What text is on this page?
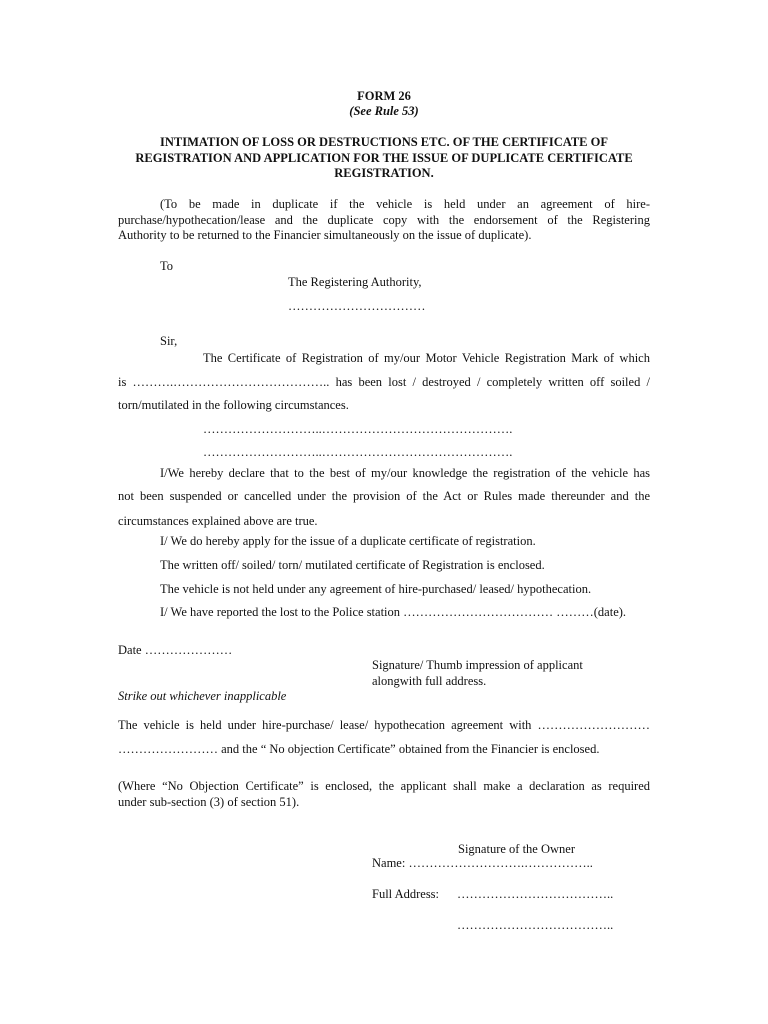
FORM 26
(See Rule 53)
INTIMATION OF LOSS OR DESTRUCTIONS ETC. OF THE CERTIFICATE OF
REGISTRATION AND APPLICATION FOR THE ISSUE OF DUPLICATE CERTIFICATE
REGISTRATION.
(To be made in duplicate if the vehicle is held under an agreement of hire-
purchase/hypothecation/lease and the duplicate copy with the endorsement of the Registering
Authority to be returned to the Financier simultaneously on the issue of duplicate).
To
The Registering Authority,
……………………………
Sir,
The Certificate of Registration of my/our Motor Vehicle Registration Mark of which
is ……….……………………………….. has been lost / destroyed / completely written off soiled /
torn/mutilated in the following circumstances.
………………………..……………………………………….
………………………..……………………………………….
I/We hereby declare that to the best of my/our knowledge the registration of the vehicle has
not been suspended or cancelled under the provision of the Act or Rules made thereunder and the
circumstances explained above are true.
I/ We do hereby apply for the issue of a duplicate certificate of registration.
The written off/ soiled/ torn/ mutilated certificate of Registration is enclosed.
The vehicle is not held under any agreement of hire-purchased/ leased/ hypothecation.
I/ We have reported the lost to the Police station ……………………………… ………(date).
Date …………………
Signature/ Thumb impression of applicant
alongwith full address.
Strike out whichever inapplicable
The vehicle is held under hire-purchase/ lease/ hypothecation agreement with ………………………
…………………… and the “ No objection Certificate” obtained from the Financier is enclosed.
(Where “No Objection Certificate” is enclosed, the applicant shall make a declaration as required
under sub-section (3) of section 51).
Signature of the Owner
Name: ……………………….……………..
Full Address: ………………………………..
………………………………..
